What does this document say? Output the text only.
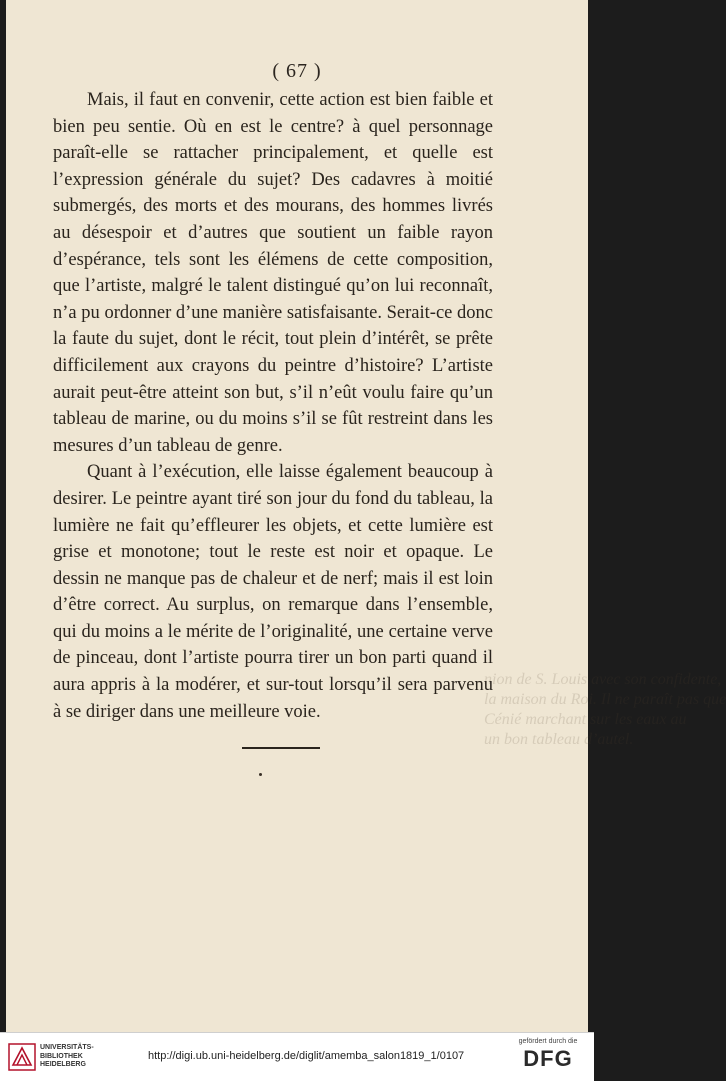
( 67 )
nion de S. Louis avec son confidente,
la maison du Roi. Il ne paraît pas que
Cénié marchant sur les eaux au
un bon tableau d’autel.

Mais, il faut en convenir, cette action est bien faible et bien peu sentie. Où en est le centre? à quel personnage paraît-elle se rattacher principalement, et quelle est l’expression générale du sujet? Des cadavres à moitié submergés, des morts et des mourans, des hommes livrés au désespoir et d’autres que soutient un faible rayon d’espérance, tels sont les élémens de cette composition, que l’artiste, malgré le talent distingué qu’on lui reconnaît, n’a pu ordonner d’une manière satisfaisante. Serait-ce donc la faute du sujet, dont le récit, tout plein d’intérêt, se prête difficilement aux crayons du peintre d’histoire? L’artiste aurait peut-être atteint son but, s’il n’eût voulu faire qu’un tableau de marine, ou du moins s’il se fût restreint dans les mesures d’un tableau de genre.

Quant à l’exécution, elle laisse également beaucoup à desirer. Le peintre ayant tiré son jour du fond du tableau, la lumière ne fait qu’effleurer les objets, et cette lumière est grise et monotone; tout le reste est noir et opaque. Le dessin ne manque pas de chaleur et de nerf; mais il est loin d’être correct. Au surplus, on remarque dans l’ensemble, qui du moins a le mérite de l’originalité, une certaine verve de pinceau, dont l’artiste pourra tirer un bon parti quand il aura appris à la modérer, et sur-tout lorsqu’il sera parvenu à se diriger dans une meilleure voie.

UNIVERSITÄTS-
BIBLIOTHEK
HEIDELBERG
http://digi.ub.uni-heidelberg.de/diglit/amemba_salon1819_1/0107
gefördert durch die
DFG
